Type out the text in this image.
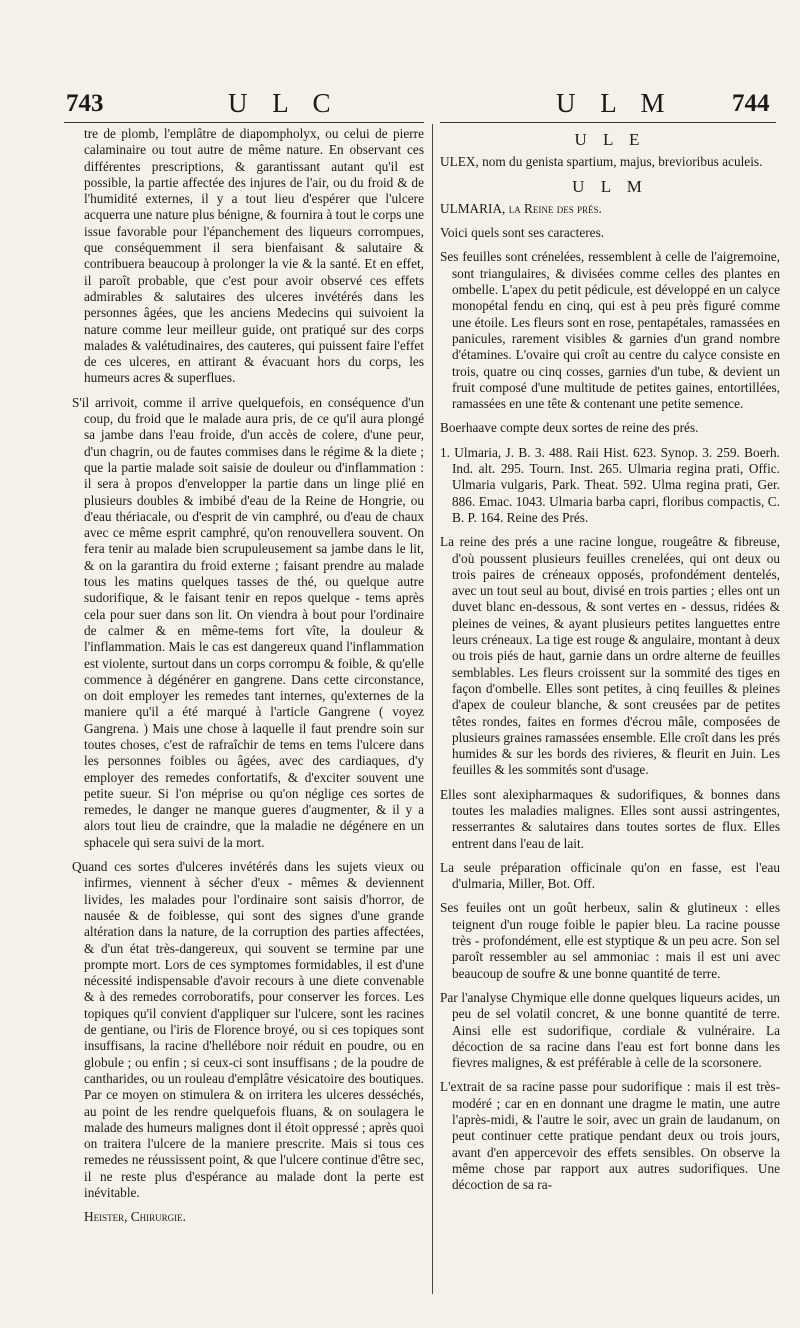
743	U L C	U L M 744

tre de plomb, l'emplâtre de diapompholyx, ou celui de pierre calaminaire ou tout autre de même nature. En observant ces différentes prescriptions, & garantissant autant qu'il est possible, la partie affectée des injures de l'air, ou du froid & de l'humidité externes, il y a tout lieu d'espérer que l'ulcere acquerra une nature plus bénigne, & fournira à tout le corps une issue favorable pour l'épanchement des liqueurs corrompues, que conséquemment il sera bienfaisant & salutaire & contribuera beaucoup à prolonger la vie & la santé. Et en effet, il paroît probable, que c'est pour avoir observé ces effets admirables & salutaires des ulceres invétérés dans les personnes âgées, que les anciens Medecins qui suivoient la nature comme leur meilleur guide, ont pratiqué sur des corps malades & valétudinaires, des cauteres, qui puissent faire l'effet de ces ulceres, en attirant & évacuant hors du corps, les humeurs acres & superflues.

S'il arrivoit, comme il arrive quelquefois, en conséquence d'un coup, du froid que le malade aura pris, de ce qu'il aura plongé sa jambe dans l'eau froide, d'un accès de colere, d'une peur, d'un chagrin, ou de fautes commises dans le régime & la diete ; que la partie malade soit saisie de douleur ou d'inflammation : il sera à propos d'envelopper la partie dans un linge plié en plusieurs doubles & imbibé d'eau de la Reine de Hongrie, ou d'eau thériacale, ou d'esprit de vin camphré, ou d'eau de chaux avec ce même esprit camphré, qu'on renouvellera souvent. On fera tenir au malade bien scrupuleusement sa jambe dans le lit, & on la garantira du froid externe ; faisant prendre au malade tous les matins quelques tasses de thé, ou quelque autre sudorifique, & le faisant tenir en repos quelque - tems après cela pour suer dans son lit. On viendra à bout pour l'ordinaire de calmer & en même-tems fort vîte, la douleur & l'inflammation. Mais le cas est dangereux quand l'inflammation est violente, surtout dans un corps corrompu & foible, & qu'elle commence à dégénérer en gangrene. Dans cette circonstance, on doit employer les remedes tant internes, qu'externes de la maniere qu'il a été marqué à l'article Gangrene ( voyez Gangrena. ) Mais une chose à laquelle il faut prendre soin sur toutes choses, c'est de rafraîchir de tems en tems l'ulcere dans les personnes foibles ou âgées, avec des cardiaques, d'y employer des remedes confortatifs, & d'exciter souvent une petite sueur. Si l'on méprise ou qu'on néglige ces sortes de remedes, le danger ne manque gueres d'augmenter, & il y a alors tout lieu de craindre, que la maladie ne dégénere en un sphacele qui sera suivi de la mort.

Quand ces sortes d'ulceres invétérés dans les sujets vieux ou infirmes, viennent à sécher d'eux - mêmes & deviennent livides, les malades pour l'ordinaire sont saisis d'horror, de nausée & de foiblesse, qui sont des signes d'une grande altération dans la nature, de la corruption des parties affectées, & d'un état très-dangereux, qui souvent se termine par une prompte mort. Lors de ces symptomes formidables, il est d'une nécessité indispensable d'avoir recours à une diete convenable & à des remedes corroboratifs, pour conserver les forces. Les topiques qu'il convient d'appliquer sur l'ulcere, sont les racines de gentiane, ou l'iris de Florence broyé, ou si ces topiques sont insuffisans, la racine d'hellébore noir réduit en poudre, ou en globule ; ou enfin ; si ceux-ci sont insuffisans ; de la poudre de cantharides, ou un rouleau d'emplâtre vésicatoire des boutiques. Par ce moyen on stimulera & on irritera les ulceres desséchés, au point de les rendre quelquefois fluans, & on soulagera le malade des humeurs malignes dont il étoit oppressé ; après quoi on traitera l'ulcere de la maniere prescrite. Mais si tous ces remedes ne réussissent point, & que l'ulcere continue d'être sec, il ne reste plus d'espérance au malade dont la perte est inévitable.

Heister, Chirurgie.

U L E

ULEX, nom du genista spartium, majus, brevioribus aculeis.

U L M

ULMARIA, la Reine des prés.

Voici quels sont ses caracteres.

Ses feuilles sont crénelées, ressemblent à celle de l'aigremoine, sont triangulaires, & divisées comme celles des plantes en ombelle. L'apex du petit pédicule, est développé en un calyce monopétal fendu en cinq, qui est à peu près figuré comme une étoile. Les fleurs sont en rose, pentapétales, ramassées en panicules, rarement visibles & garnies d'un grand nombre d'étamines. L'ovaire qui croît au centre du calyce consiste en trois, quatre ou cinq cosses, garnies d'un tube, & devient un fruit composé d'une multitude de petites gaines, entortillées, ramassées en une tête & contenant une petite semence.

Boerhaave compte deux sortes de reine des prés.

1. Ulmaria, J. B. 3. 488. Raii Hist. 623. Synop. 3. 259. Boerh. Ind. alt. 295. Tourn. Inst. 265. Ulmaria regina prati, Offic. Ulmaria vulgaris, Park. Theat. 592. Ulma regina prati, Ger. 886. Emac. 1043. Ulmaria barba capri, floribus compactis, C. B. P. 164. Reine des Prés.

La reine des prés a une racine longue, rougeâtre & fibreuse, d'où poussent plusieurs feuilles crenelées, qui ont deux ou trois paires de créneaux opposés, profondément dentelés, avec un tout seul au bout, divisé en trois parties ; elles ont un duvet blanc en-dessous, & sont vertes en - dessus, ridées & pleines de veines, & ayant plusieurs petites languettes entre leurs créneaux. La tige est rouge & angulaire, montant à deux ou trois piés de haut, garnie dans un ordre alterne de feuilles semblables. Les fleurs croissent sur la sommité des tiges en façon d'ombelle. Elles sont petites, à cinq feuilles & pleines d'apex de couleur blanche, & sont creusées par de petites têtes rondes, faites en formes d'écrou mâle, composées de plusieurs graines ramassées ensemble. Elle croît dans les prés humides & sur les bords des rivieres, & fleurit en Juin. Les feuilles & les sommités sont d'usage.

Elles sont alexipharmaques & sudorifiques, & bonnes dans toutes les maladies malignes. Elles sont aussi astringentes, resserrantes & salutaires dans toutes sortes de flux. Elles entrent dans l'eau de lait.

La seule préparation officinale qu'on en fasse, est l'eau d'ulmaria, Miller, Bot. Off.

Ses feuiles ont un goût herbeux, salin & glutineux : elles teignent d'un rouge foible le papier bleu. La racine pousse très - profondément, elle est styptique & un peu acre. Son sel paroît ressembler au sel ammoniac : mais il est uni avec beaucoup de soufre & une bonne quantité de terre.

Par l'analyse Chymique elle donne quelques liqueurs acides, un peu de sel volatil concret, & une bonne quantité de terre. Ainsi elle est sudorifique, cordiale & vulnéraire. La décoction de sa racine dans l'eau est fort bonne dans les fievres malignes, & est préférable à celle de la scorsonere.

L'extrait de sa racine passe pour sudorifique : mais il est très-modéré ; car en en donnant une dragme le matin, une autre l'après-midi, & l'autre le soir, avec un grain de laudanum, on peut continuer cette pratique pendant deux ou trois jours, avant d'en appercevoir des effets sensibles. On observe la même chose par rapport aux autres sudorifiques. Une décoction de sa ra-
